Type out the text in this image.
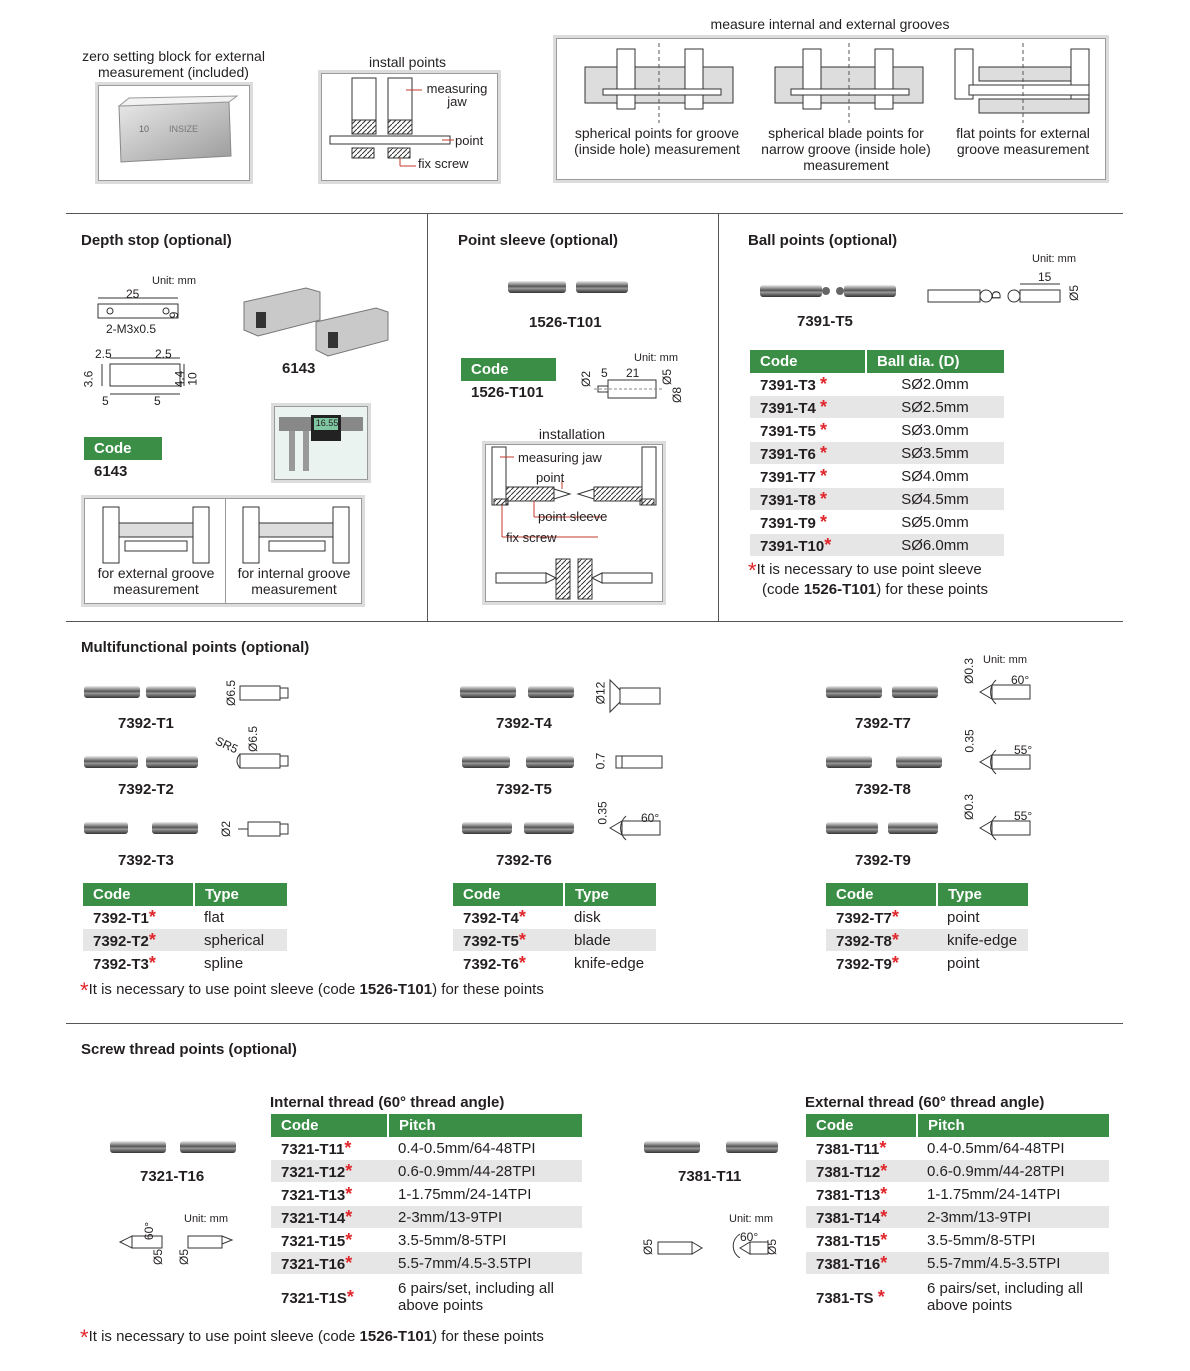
zero setting block for external measurement (included)
10 INSIZE
install points
measuring jaw
point
fix screw
measure internal and external grooves
spherical points for groove (inside hole) measurement
spherical blade points for narrow groove (inside hole) measurement
flat points for external groove measurement
Depth stop (optional)
Unit: mm
25
6
2-M3x0.5
2.5	2.5
3.6	4.4 10
5	5
6143
16.55
Code
6143
for external groove measurement
for internal groove measurement
Point sleeve (optional)
1526-T101
Code
1526-T101
Unit: mm
Ø2 5 21 Ø5
Ø8
installation
measuring jaw
point
point sleeve
fix screw
Ball points (optional)
7391-T5
Unit: mm
15
D	Ø5
Code	Ball dia. (D)
7391-T3 *	SØ2.0mm
7391-T4 *	SØ2.5mm
7391-T5 *	SØ3.0mm
7391-T6 *	SØ3.5mm
7391-T7 *	SØ4.0mm
7391-T8 *	SØ4.5mm
7391-T9 *	SØ5.0mm
7391-T10*	SØ6.0mm
*It is necessary to use point sleeve
(code 1526-T101) for these points
Multifunctional points (optional)
Unit: mm
7392-T1
7392-T2
7392-T3
Ø6.5
SR5 Ø6.5
Ø2
Code	Type
7392-T1*	flat
7392-T2*	spherical
7392-T3*	spline
7392-T4
7392-T5
7392-T6
Ø12
0.7
0.35	60°
Code	Type
7392-T4*	disk
7392-T5*	blade
7392-T6*	knife-edge
7392-T7
7392-T8
7392-T9
Ø0.3	60°
0.35	55°
Ø0.3	55°
Code	Type
7392-T7*	point
7392-T8*	knife-edge
7392-T9*	point
*It is necessary to use point sleeve (code 1526-T101) for these points
Screw thread points (optional)
7321-T16
Unit: mm
60°
Ø5 Ø5
Internal thread (60° thread angle)
Code	Pitch
7321-T11*	0.4-0.5mm/64-48TPI
7321-T12*	0.6-0.9mm/44-28TPI
7321-T13*	1-1.75mm/24-14TPI
7321-T14*	2-3mm/13-9TPI
7321-T15*	3.5-5mm/8-5TPI
7321-T16*	5.5-7mm/4.5-3.5TPI
7321-T1S*	6 pairs/set, including all above points
7381-T11
Unit: mm
Ø5
60°
Ø5
External thread (60° thread angle)
Code	Pitch
7381-T11*	0.4-0.5mm/64-48TPI
7381-T12*	0.6-0.9mm/44-28TPI
7381-T13*	1-1.75mm/24-14TPI
7381-T14*	2-3mm/13-9TPI
7381-T15*	3.5-5mm/8-5TPI
7381-T16*	5.5-7mm/4.5-3.5TPI
7381-TS *	6 pairs/set, including all above points
*It is necessary to use point sleeve (code 1526-T101) for these points
